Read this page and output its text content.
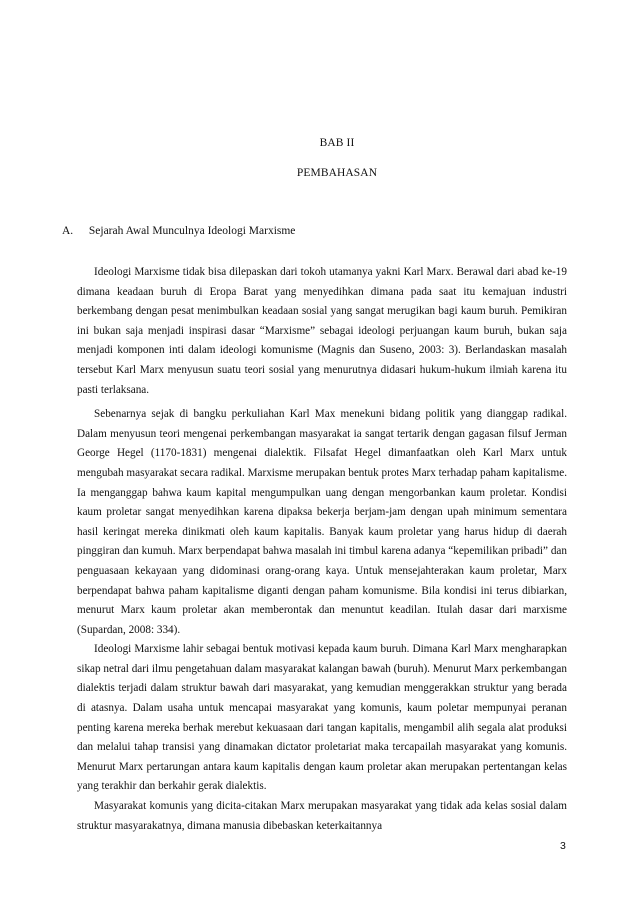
BAB II
PEMBAHASAN
A. Sejarah Awal Munculnya Ideologi Marxisme

Ideologi Marxisme tidak bisa dilepaskan dari tokoh utamanya yakni Karl Marx. Berawal dari abad ke-19 dimana keadaan buruh di Eropa Barat yang menyedihkan dimana pada saat itu kemajuan industri berkembang dengan pesat menimbulkan keadaan sosial yang sangat merugikan bagi kaum buruh. Pemikiran ini bukan saja menjadi inspirasi dasar “Marxisme” sebagai ideologi perjuangan kaum buruh, bukan saja menjadi komponen inti dalam ideologi komunisme (Magnis dan Suseno, 2003: 3). Berlandaskan masalah tersebut Karl Marx menyusun suatu teori sosial yang menurutnya didasari hukum-hukum ilmiah karena itu pasti terlaksana.

Sebenarnya sejak di bangku perkuliahan Karl Max menekuni bidang politik yang dianggap radikal. Dalam menyusun teori mengenai perkembangan masyarakat ia sangat tertarik dengan gagasan filsuf Jerman George Hegel (1170-1831) mengenai dialektik. Filsafat Hegel dimanfaatkan oleh Karl Marx untuk mengubah masyarakat secara radikal. Marxisme merupakan bentuk protes Marx terhadap paham kapitalisme. Ia menganggap bahwa kaum kapital mengumpulkan uang dengan mengorbankan kaum proletar. Kondisi kaum proletar sangat menyedihkan karena dipaksa bekerja berjam-jam dengan upah minimum sementara hasil keringat mereka dinikmati oleh kaum kapitalis. Banyak kaum proletar yang harus hidup di daerah pinggiran dan kumuh. Marx berpendapat bahwa masalah ini timbul karena adanya “kepemilikan pribadi” dan penguasaan kekayaan yang didominasi orang-orang kaya. Untuk mensejahterakan kaum proletar, Marx berpendapat bahwa paham kapitalisme diganti dengan paham komunisme. Bila kondisi ini terus dibiarkan, menurut Marx kaum proletar akan memberontak dan menuntut keadilan. Itulah dasar dari marxisme (Supardan, 2008: 334).

Ideologi Marxisme lahir sebagai bentuk motivasi kepada kaum buruh. Dimana Karl Marx mengharapkan sikap netral dari ilmu pengetahuan dalam masyarakat kalangan bawah (buruh). Menurut Marx perkembangan dialektis terjadi dalam struktur bawah dari masyarakat, yang kemudian menggerakkan struktur yang berada di atasnya. Dalam usaha untuk mencapai masyarakat yang komunis, kaum poletar mempunyai peranan penting karena mereka berhak merebut kekuasaan dari tangan kapitalis, mengambil alih segala alat produksi dan melalui tahap transisi yang dinamakan dictator proletariat maka tercapailah masyarakat yang komunis. Menurut Marx pertarungan antara kaum kapitalis dengan kaum proletar akan merupakan pertentangan kelas yang terakhir dan berkahir gerak dialektis.

Masyarakat komunis yang dicita-citakan Marx merupakan masyarakat yang tidak ada kelas sosial dalam struktur masyarakatnya, dimana manusia dibebaskan keterkaitannya

3
